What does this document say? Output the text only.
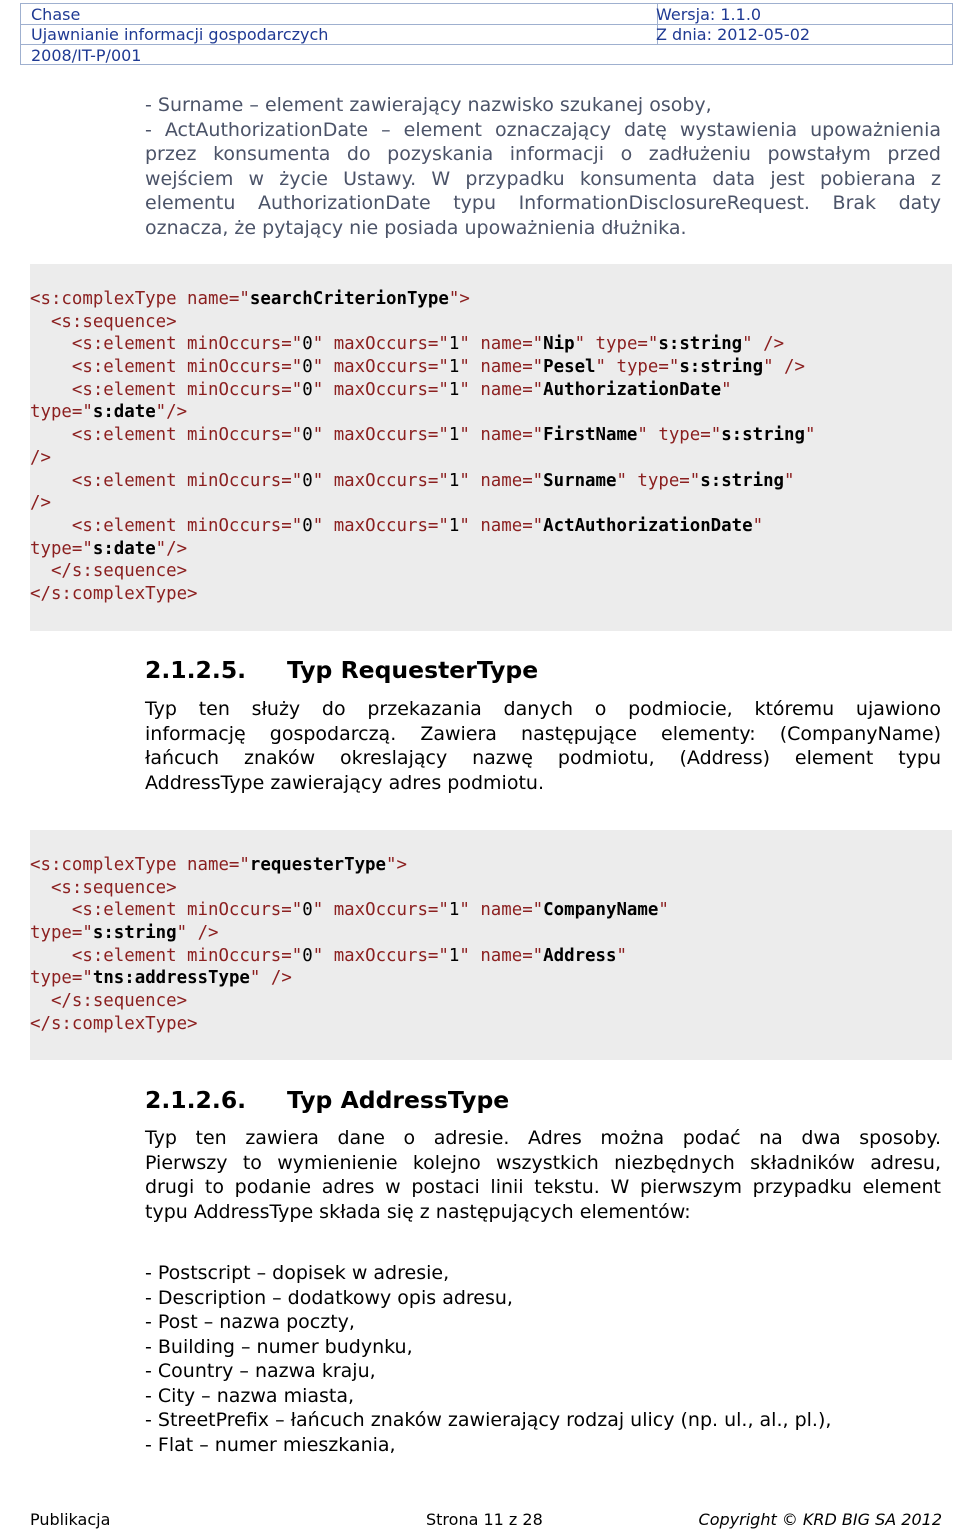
Chase	Wersja: 1.1.0
Ujawnianie informacji gospodarczych	Z dnia: 2012-05-02
2008/IT-P/001

- Surname – element zawierający nazwisko szukanej osoby,

- ActAuthorizationDate – element oznaczający datę wystawienia upoważnienia

przez konsumenta do pozyskania informacji o zadłużeniu powstałym przed

wejściem w życie Ustawy. W przypadku konsumenta data jest pobierana z

elementu AuthorizationDate typu InformationDisclosureRequest. Brak daty

oznacza, że pytający nie posiada upoważnienia dłużnika.

<s:complexType name="searchCriterionType">
<s:sequence>
<s:element minOccurs="0" maxOccurs="1" name="Nip" type="s:string" />
<s:element minOccurs="0" maxOccurs="1" name="Pesel" type="s:string" />
<s:element minOccurs="0" maxOccurs="1" name="AuthorizationDate"
type="s:date"/>
<s:element minOccurs="0" maxOccurs="1" name="FirstName" type="s:string"
/>
<s:element minOccurs="0" maxOccurs="1" name="Surname" type="s:string"
/>
<s:element minOccurs="0" maxOccurs="1" name="ActAuthorizationDate"
type="s:date"/>
</s:sequence>
</s:complexType>
2.1.2.5. Typ RequesterType

Typ ten służy do przekazania danych o podmiocie, któremu ujawiono

informację gospodarczą. Zawiera następujące elementy: (CompanyName)

łańcuch znaków okreslający nazwę podmiotu, (Address) element typu

AddressType zawierający adres podmiotu.

<s:complexType name="requesterType">
<s:sequence>
<s:element minOccurs="0" maxOccurs="1" name="CompanyName"
type="s:string" />
<s:element minOccurs="0" maxOccurs="1" name="Address"
type="tns:addressType" />
</s:sequence>
</s:complexType>
2.1.2.6. Typ AddressType

Typ ten zawiera dane o adresie. Adres można podać na dwa sposoby.

Pierwszy to wymienienie kolejno wszystkich niezbędnych składników adresu,

drugi to podanie adres w postaci linii tekstu. W pierwszym przypadku element

typu AddressType składa się z następujących elementów:

- Postscript – dopisek w adresie,

- Description – dodatkowy opis adresu,

- Post – nazwa poczty,

- Building – numer budynku,

- Country – nazwa kraju,

- City – nazwa miasta,

- StreetPrefix – łańcuch znaków zawierający rodzaj ulicy (np. ul., al., pl.),

- Flat – numer mieszkania,

Publikacja	Strona 11 z 28	Copyright © KRD BIG SA 2012
